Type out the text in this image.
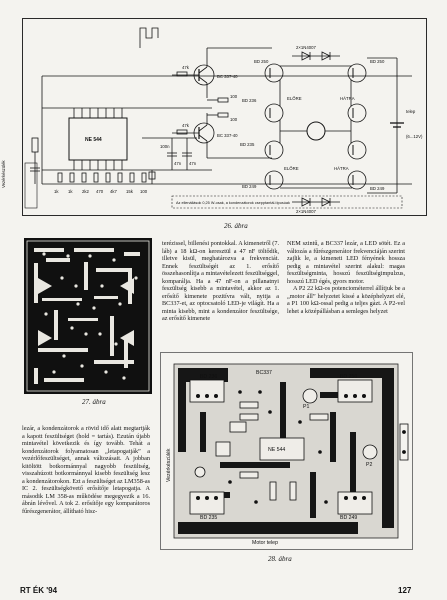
NE 544
BC 337-40
BC 337-40
BD 250	BD 250
BD 236
BD 235
BD 249	BD 249
2×1N4007
2×1N4007
ELŐRE	HÁTRA
ELŐRE	HÁTRA
telep
(6...12V)
Vezérkészülék
47k
47k
100
100
1k 1k 2k2 470 4k7 15k 100
100n
47n 47n
Az ellenállások 0,25 W-osak, a kondenzátorok csepptantál-típusúak
26. ábra
27. ábra

terézissel, billenési pontokkal. A kimenetről (7. láb) a 18 kΩ-on keresztül a 47 nF töltődik, illetve kisül, meghatározva a frekvenciát. Ennek feszültségét az 1. erősítő összehasonlítja a mintavételezett feszültséggel, komparálja. Ha a 47 nF-on a pillanatnyi feszültség kisebb a mintavétel, akkor az 1. erősítő kimenete pozitívra vált, nyitja a BC337-et, az optocsatoló LED-je világít. Ha a minta kisebb, mint a kondenzátor feszültsége, az erősítő kimenete

NEM szintű, a BC337 lezár, a LED sötét. Ez a változás a fűrészgenerátor frekvenciáján szerint zajlik le, a kimeneti LED fényének hossza pedig a mintavétel szerint alakul: magas feszültségminta, hosszú feszültségimpulzus, hosszú LED égés, gyors motor.

A P2 22 kΩ-os potenciométerrel állítjuk be a „motor áll” helyzetet kissé a középhelyzet elé, a P1 100 kΩ-ossal pedig a teljes gázt. A P2-vel lehet a középállásban a semleges helyzet

lezár, a kondenzátorok a rövid idő alatt megtartják a kapott feszültséget (hold = tartás). Ezután újabb mintavétel következik és így tovább. Tehát a kondenzátorok folyamatosan „letapogatják” a vezérlőfeszültséget, annak változásait. A jobban kitöltött botkormánnyal nagyobb feszültség, visszahúzott botkormánnyal kisebb feszültség lesz a kondenzátorokon. Ezt a feszültséget az LM358-as IC 2. feszültségkövető erősítője letapogatja. A második LM 358-as működése megegyezik a 16. ábrán lévővel. A tok 2. erősítője egy komparátoros fűrészgenerátor, állítható hisz-

NE 544
BC337
BD 236	BD 250
BD 235	BD 249
Motor telep
Vezérkészülék
P1
P2
28. ábra
RT ÉK '94	127
